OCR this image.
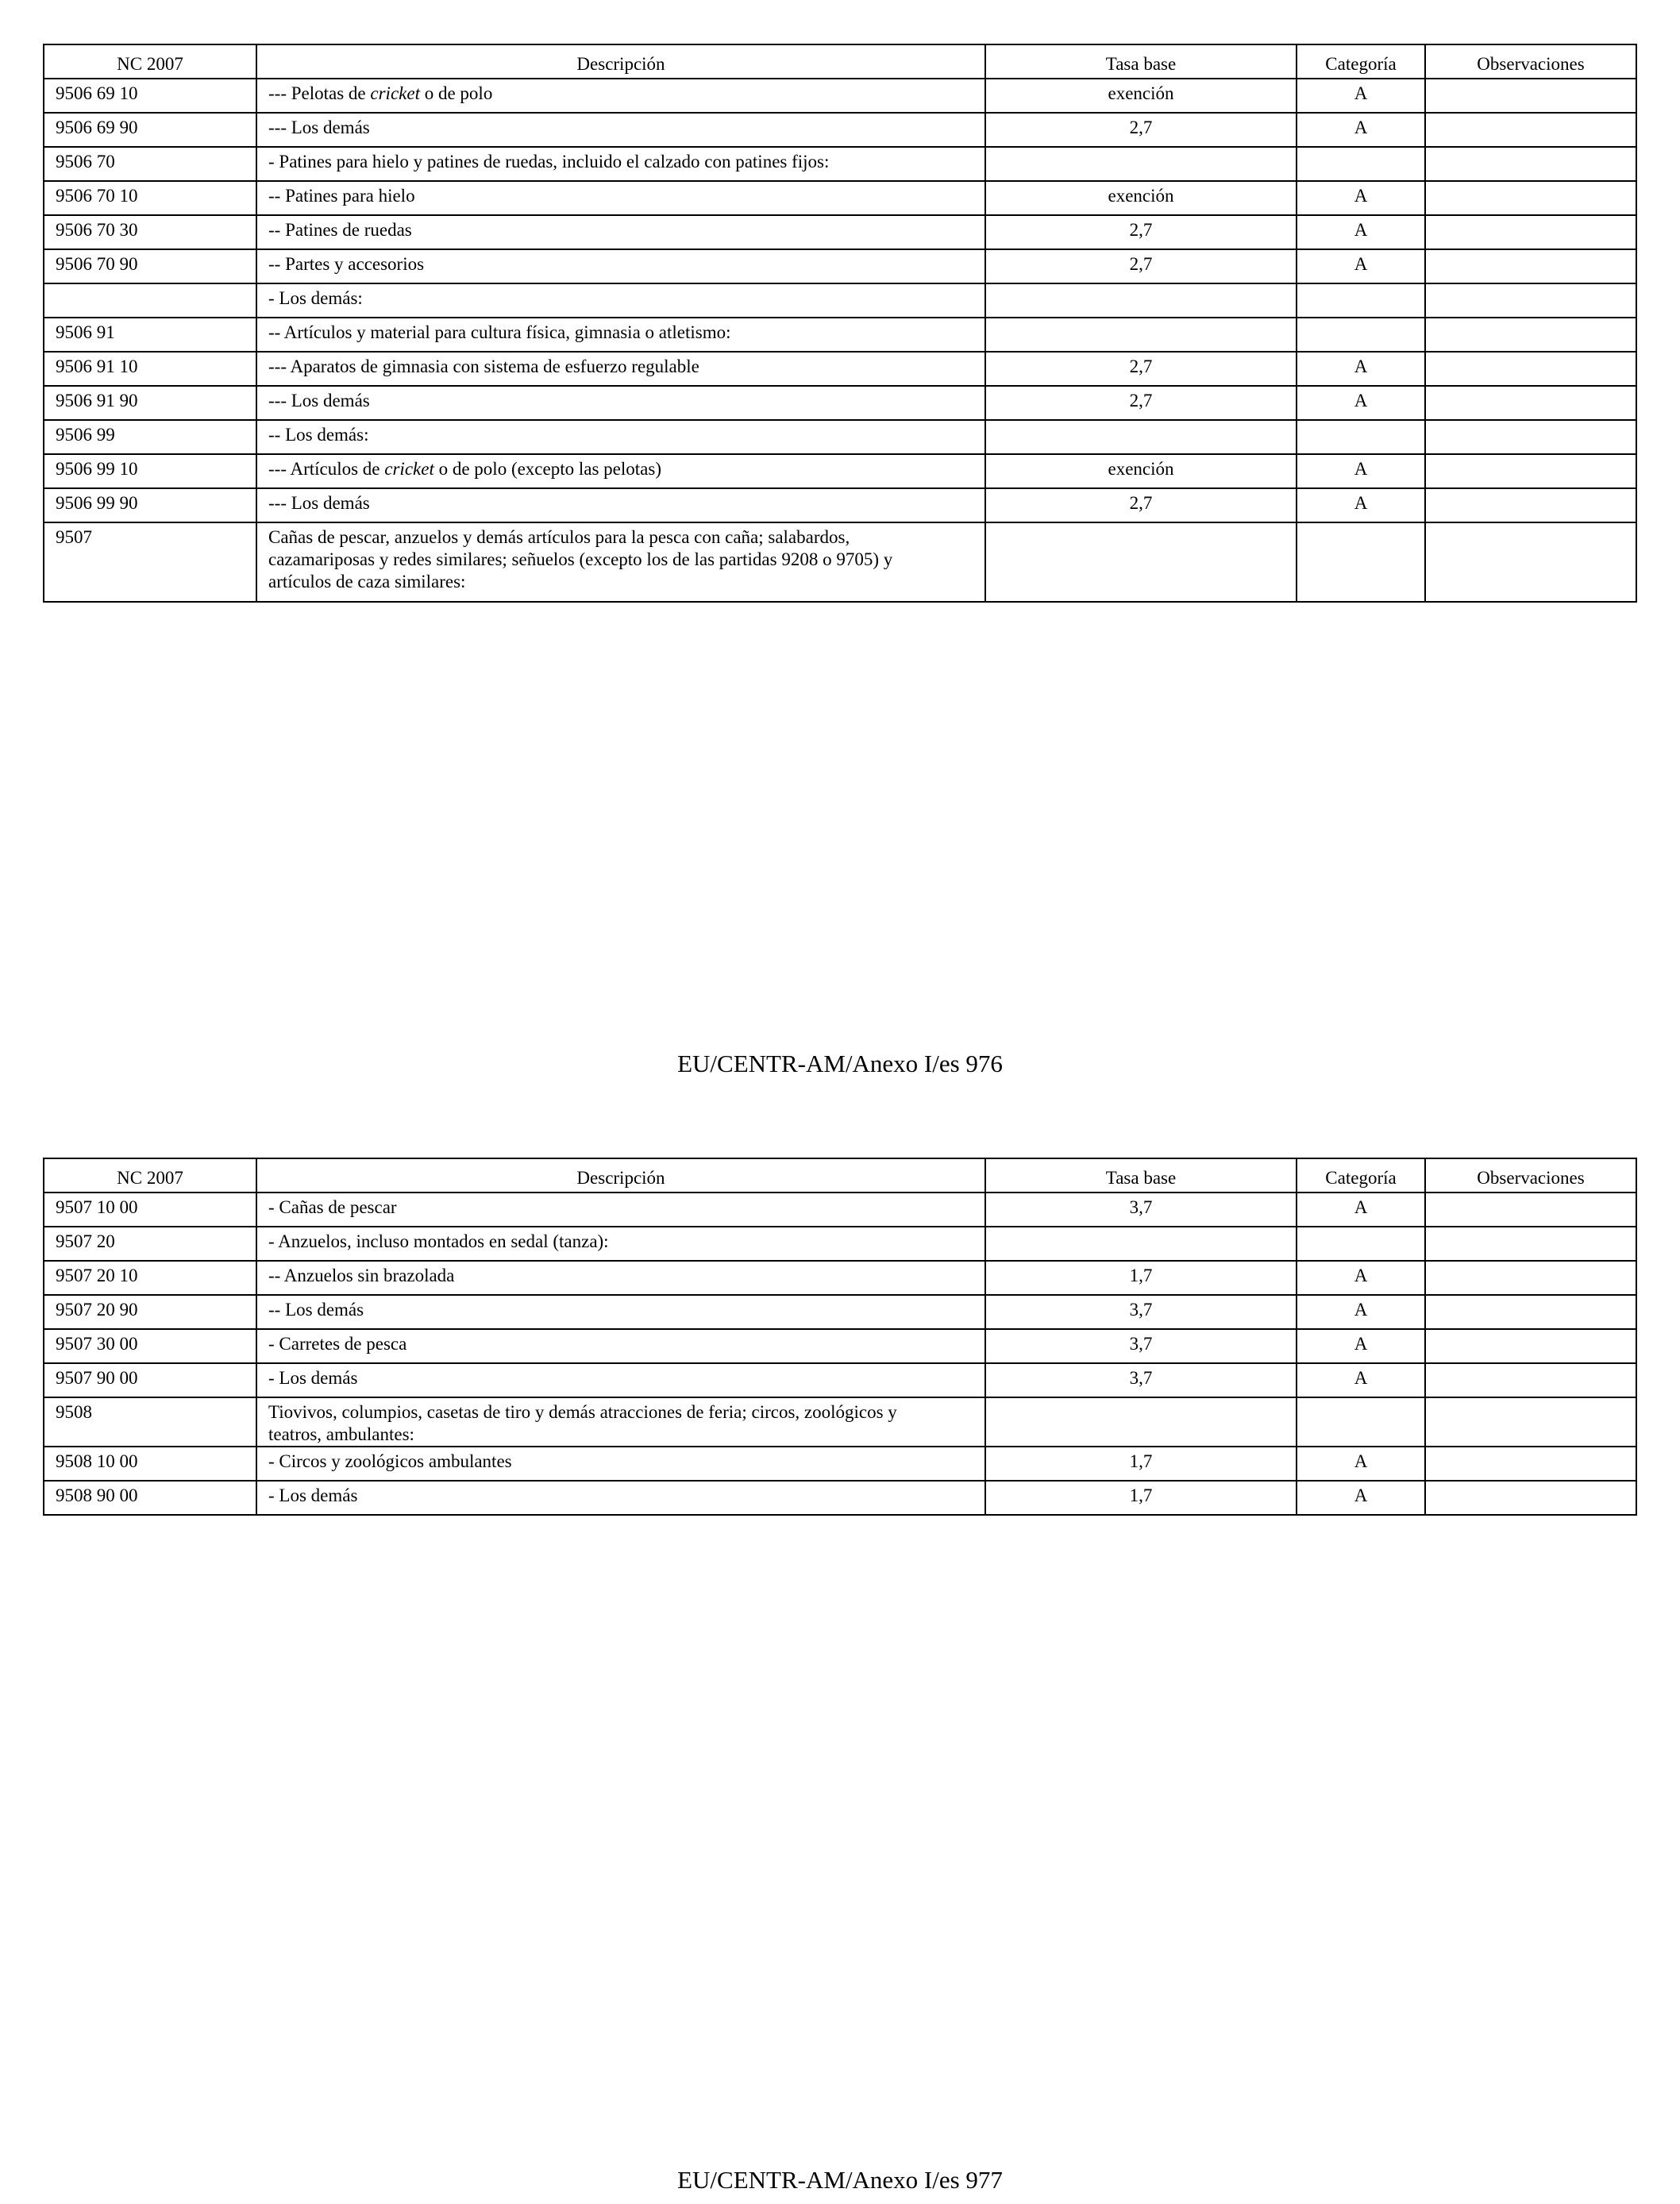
NC 2007	Descripción	Tasa base	Categoría	Observaciones
9506 69 10	--- Pelotas de cricket o de polo	exención	A	
9506 69 90	--- Los demás	2,7	A	
9506 70	- Patines para hielo y patines de ruedas, incluido el calzado con patines fijos:			
9506 70 10	-- Patines para hielo	exención	A	
9506 70 30	-- Patines de ruedas	2,7	A	
9506 70 90	-- Partes y accesorios	2,7	A	
	- Los demás:			
9506 91	-- Artículos y material para cultura física, gimnasia o atletismo:			
9506 91 10	--- Aparatos de gimnasia con sistema de esfuerzo regulable	2,7	A	
9506 91 90	--- Los demás	2,7	A	
9506 99	-- Los demás:			
9506 99 10	--- Artículos de cricket o de polo (excepto las pelotas)	exención	A	
9506 99 90	--- Los demás	2,7	A	
9507	Cañas de pescar, anzuelos y demás artículos para la pesca con caña; salabardos,
cazamariposas y redes similares; señuelos (excepto los de las partidas 9208 o 9705) y
artículos de caza similares:			
EU/CENTR-AM/Anexo I/es 976
NC 2007	Descripción	Tasa base	Categoría	Observaciones
9507 10 00	- Cañas de pescar	3,7	A	
9507 20	- Anzuelos, incluso montados en sedal (tanza):			
9507 20 10	-- Anzuelos sin brazolada	1,7	A	
9507 20 90	-- Los demás	3,7	A	
9507 30 00	- Carretes de pesca	3,7	A	
9507 90 00	- Los demás	3,7	A	
9508	Tiovivos, columpios, casetas de tiro y demás atracciones de feria; circos, zoológicos y
teatros, ambulantes:			
9508 10 00	- Circos y zoológicos ambulantes	1,7	A	
9508 90 00	- Los demás	1,7	A	
EU/CENTR-AM/Anexo I/es 977
